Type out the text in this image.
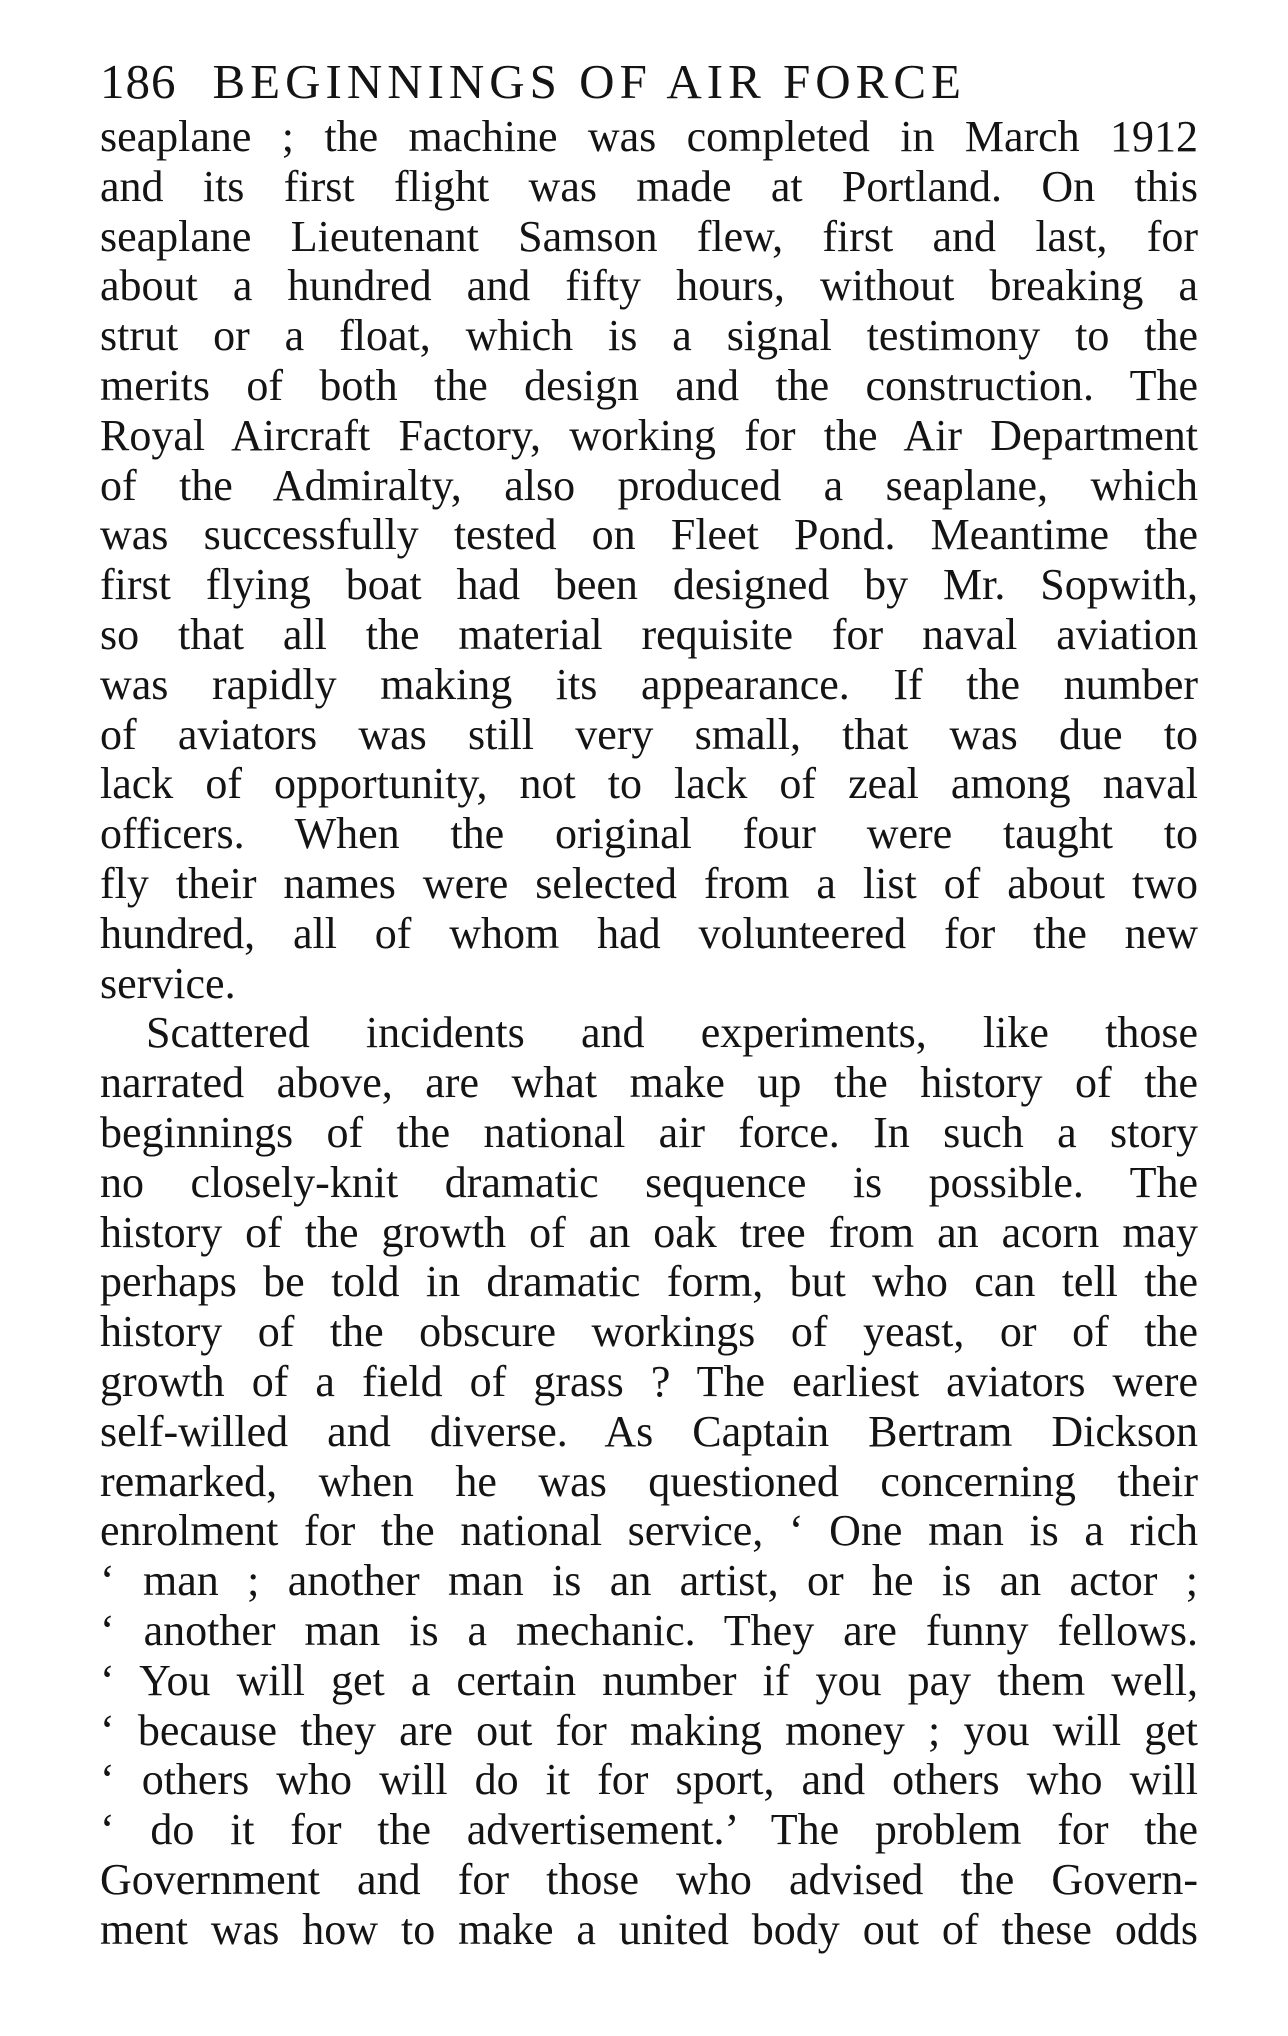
186 BEGINNINGS OF AIR FORCE
seaplane ; the machine was completed in March 1912
and its first flight was made at Portland. On this
seaplane Lieutenant Samson flew, first and last, for
about a hundred and fifty hours, without breaking a
strut or a float, which is a signal testimony to the
merits of both the design and the construction. The
Royal Aircraft Factory, working for the Air Department
of the Admiralty, also produced a seaplane, which
was successfully tested on Fleet Pond. Meantime the
first flying boat had been designed by Mr. Sopwith,
so that all the material requisite for naval aviation
was rapidly making its appearance. If the number
of aviators was still very small, that was due to
lack of opportunity, not to lack of zeal among naval
officers. When the original four were taught to
fly their names were selected from a list of about two
hundred, all of whom had volunteered for the new
service.
Scattered incidents and experiments, like those
narrated above, are what make up the history of the
beginnings of the national air force. In such a story
no closely-knit dramatic sequence is possible. The
history of the growth of an oak tree from an acorn may
perhaps be told in dramatic form, but who can tell the
history of the obscure workings of yeast, or of the
growth of a field of grass ? The earliest aviators were
self-willed and diverse. As Captain Bertram Dickson
remarked, when he was questioned concerning their
enrolment for the national service, ‘ One man is a rich
‘ man ; another man is an artist, or he is an actor ;
‘ another man is a mechanic. They are funny fellows.
‘ You will get a certain number if you pay them well,
‘ because they are out for making money ; you will get
‘ others who will do it for sport, and others who will
‘ do it for the advertisement.’ The problem for the
Government and for those who advised the Govern-
ment was how to make a united body out of these odds
